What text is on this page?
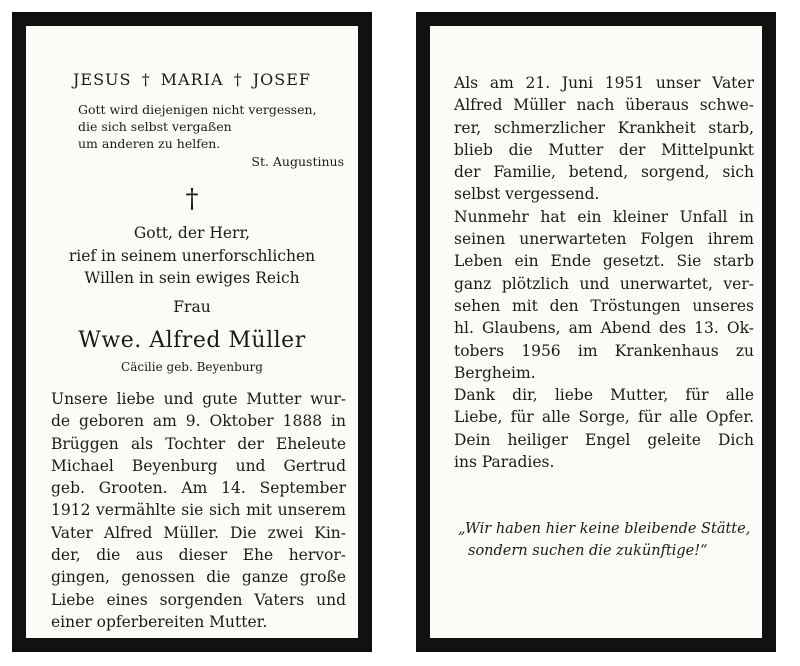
JESUS † MARIA † JOSEF
Gott wird diejenigen nicht vergessen,
die sich selbst vergaßen
um anderen zu helfen.
St. Augustinus
†
Gott, der Herr,
rief in seinem unerforschlichen
Willen in sein ewiges Reich
Frau
Wwe. Alfred Müller
Cäcilie geb. Beyenburg
Unsere liebe und gute Mutter wur-
de geboren am 9. Oktober 1888 in
Brüggen als Tochter der Eheleute
Michael Beyenburg und Gertrud
geb. Grooten. Am 14. September
1912 vermählte sie sich mit unserem
Vater Alfred Müller. Die zwei Kin-
der, die aus dieser Ehe hervor-
gingen, genossen die ganze große
Liebe eines sorgenden Vaters und
einer opferbereiten Mutter.
Als am 21. Juni 1951 unser Vater
Alfred Müller nach überaus schwe-
rer, schmerzlicher Krankheit starb,
blieb die Mutter der Mittelpunkt
der Familie, betend, sorgend, sich
selbst vergessend.
Nunmehr hat ein kleiner Unfall in
seinen unerwarteten Folgen ihrem
Leben ein Ende gesetzt. Sie starb
ganz plötzlich und unerwartet, ver-
sehen mit den Tröstungen unseres
hl. Glaubens, am Abend des 13. Ok-
tobers 1956 im Krankenhaus zu
Bergheim.
Dank dir, liebe Mutter, für alle
Liebe, für alle Sorge, für alle Opfer.
Dein heiliger Engel geleite Dich
ins Paradies.
„Wir haben hier keine bleibende Stätte,
sondern suchen die zukünftige!“
